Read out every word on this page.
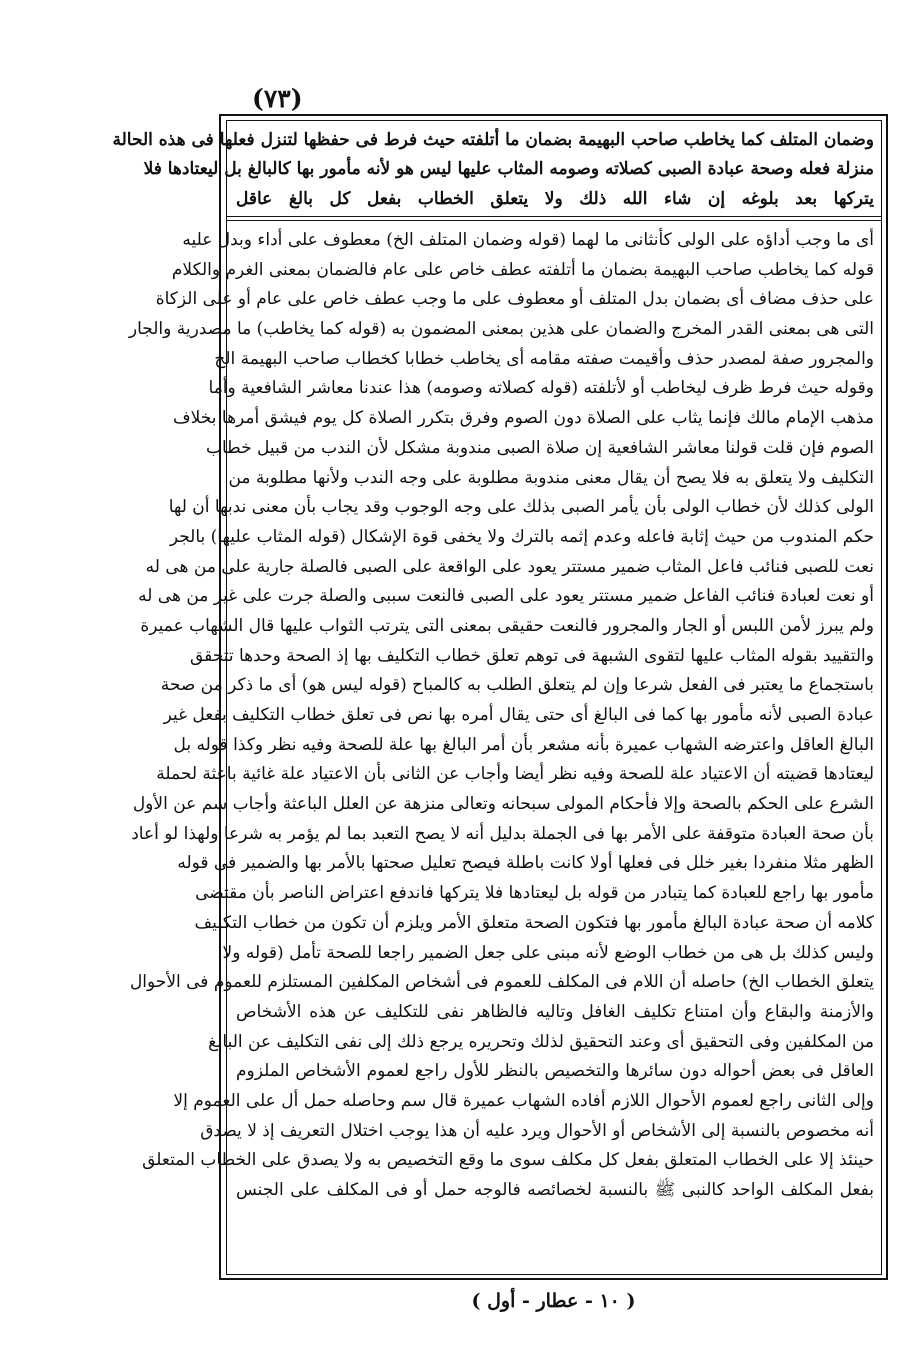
(۷۳)

وضمان المتلف كما يخاطب صاحب البهيمة بضمان ما أتلفته حيث فرط فى حفظها لتنزل فعلها فى هذه الحالة

منزلة فعله وصحة عبادة الصبى كصلاته وصومه المثاب عليها ليس هو لأنه مأمور بها كالبالغ بل ليعتادها فلا

يتركها بعد بلوغه إن شاء الله ذلك ولا يتعلق الخطاب بفعل كل بالغ عاقل

أى ما وجب أداؤه على الولى كأنثانى ما لهما (قوله وضمان المتلف الخ) معطوف على أداء وبدل عليه

قوله كما يخاطب صاحب البهيمة بضمان ما أتلفته عطف خاص على عام فالضمان بمعنى الغرم والكلام

على حذف مضاف أى بضمان بدل المتلف أو معطوف على ما وجب عطف خاص على عام أو على الزكاة

التى هى بمعنى القدر المخرج والضمان على هذين بمعنى المضمون به (قوله كما يخاطب) ما مصدرية والجار

والمجرور صفة لمصدر حذف وأقيمت صفته مقامه أى يخاطب خطابا كخطاب صاحب البهيمة الخ

وقوله حيث فرط ظرف ليخاطب أو لأتلفته (قوله كصلاته وصومه) هذا عندنا معاشر الشافعية وأما

مذهب الإمام مالك فإنما يثاب على الصلاة دون الصوم وفرق بتكرر الصلاة كل يوم فيشق أمرها بخلاف

الصوم فإن قلت قولنا معاشر الشافعية إن صلاة الصبى مندوبة مشكل لأن الندب من قبيل خطاب

التكليف ولا يتعلق به فلا يصح أن يقال معنى مندوبة مطلوبة على وجه الندب ولأنها مطلوبة من

الولى كذلك لأن خطاب الولى بأن يأمر الصبى بذلك على وجه الوجوب وقد يجاب بأن معنى ندبها أن لها

حكم المندوب من حيث إثابة فاعله وعدم إثمه بالترك ولا يخفى قوة الإشكال (قوله المثاب عليها) بالجر

نعت للصبى فنائب فاعل المثاب ضمير مستتر يعود على الواقعة على الصبى فالصلة جارية على من هى له

أو نعت لعبادة فنائب الفاعل ضمير مستتر يعود على الصبى فالنعت سببى والصلة جرت على غير من هى له

ولم يبرز لأمن اللبس أو الجار والمجرور فالنعت حقيقى بمعنى التى يترتب الثواب عليها قال الشهاب عميرة

والتقييد بقوله المثاب عليها لتقوى الشبهة فى توهم تعلق خطاب التكليف بها إذ الصحة وحدها تتحقق

باستجماع ما يعتبر فى الفعل شرعا وإن لم يتعلق الطلب به كالمباح (قوله ليس هو) أى ما ذكر من صحة

عبادة الصبى لأنه مأمور بها كما فى البالغ أى حتى يقال أمره بها نص فى تعلق خطاب التكليف بفعل غير

البالغ العاقل واعترضه الشهاب عميرة بأنه مشعر بأن أمر البالغ بها علة للصحة وفيه نظر وكذا قوله بل

ليعتادها قضيته أن الاعتياد علة للصحة وفيه نظر أيضا وأجاب عن الثانى بأن الاعتياد علة غائية باعثة لحملة

الشرع على الحكم بالصحة وإلا فأحكام المولى سبحانه وتعالى منزهة عن العلل الباعثة وأجاب سم عن الأول

بأن صحة العبادة متوقفة على الأمر بها فى الجملة بدليل أنه لا يصح التعبد بما لم يؤمر به شرعا ولهذا لو أعاد

الظهر مثلا منفردا بغير خلل فى فعلها أولا كانت باطلة فيصح تعليل صحتها بالأمر بها والضمير فى قوله

مأمور بها راجع للعبادة كما يتبادر من قوله بل ليعتادها فلا يتركها فاندفع اعتراض الناصر بأن مقتضى

كلامه أن صحة عبادة البالغ مأمور بها فتكون الصحة متعلق الأمر ويلزم أن تكون من خطاب التكليف

وليس كذلك بل هى من خطاب الوضع لأنه مبنى على جعل الضمير راجعا للصحة تأمل (قوله ولا

يتعلق الخطاب الخ) حاصله أن اللام فى المكلف للعموم فى أشخاص المكلفين المستلزم للعموم فى الأحوال

والأزمنة والبقاع وأن امتناع تكليف الغافل وتاليه فالظاهر نفى للتكليف عن هذه الأشخاص

من المكلفين وفى التحقيق أى وعند التحقيق لذلك وتحريره يرجع ذلك إلى نفى التكليف عن البالغ

العاقل فى بعض أحواله دون سائرها والتخصيص بالنظر للأول راجع لعموم الأشخاص الملزوم

وإلى الثانى راجع لعموم الأحوال اللازم أفاده الشهاب عميرة قال سم وحاصله حمل أل على العموم إلا

أنه مخصوص بالنسبة إلى الأشخاص أو الأحوال ويرد عليه أن هذا يوجب اختلال التعريف إذ لا يصدق

حينئذ إلا على الخطاب المتعلق بفعل كل مكلف سوى ما وقع التخصيص به ولا يصدق على الخطاب المتعلق

بفعل المكلف الواحد كالنبى ﷺ بالنسبة لخصائصه فالوجه حمل أو فى المكلف على الجنس

( ١٠ - عطار - أول )
